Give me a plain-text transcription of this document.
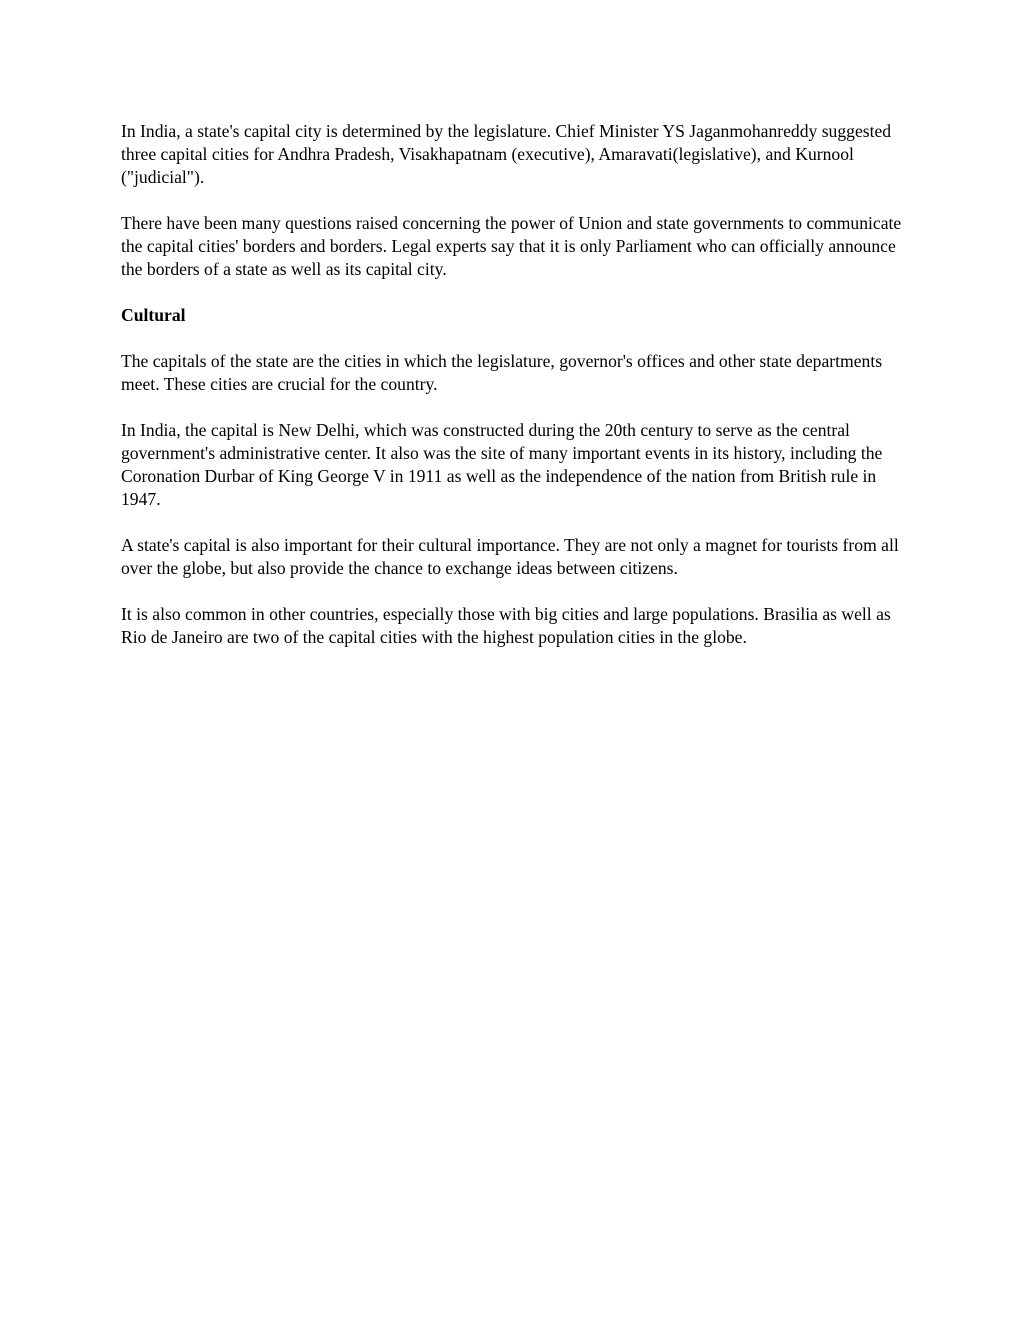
In India, a state's capital city is determined by the legislature. Chief Minister YS Jaganmohanreddy suggested three capital cities for Andhra Pradesh, Visakhapatnam (executive), Amaravati(legislative), and Kurnool ("judicial").

There have been many questions raised concerning the power of Union and state governments to communicate the capital cities' borders and borders. Legal experts say that it is only Parliament who can officially announce the borders of a state as well as its capital city.

Cultural

The capitals of the state are the cities in which the legislature, governor's offices and other state departments meet. These cities are crucial for the country.

In India, the capital is New Delhi, which was constructed during the 20th century to serve as the central government's administrative center. It also was the site of many important events in its history, including the Coronation Durbar of King George V in 1911 as well as the independence of the nation from British rule in 1947.

A state's capital is also important for their cultural importance. They are not only a magnet for tourists from all over the globe, but also provide the chance to exchange ideas between citizens.

It is also common in other countries, especially those with big cities and large populations. Brasilia as well as Rio de Janeiro are two of the capital cities with the highest population cities in the globe.
